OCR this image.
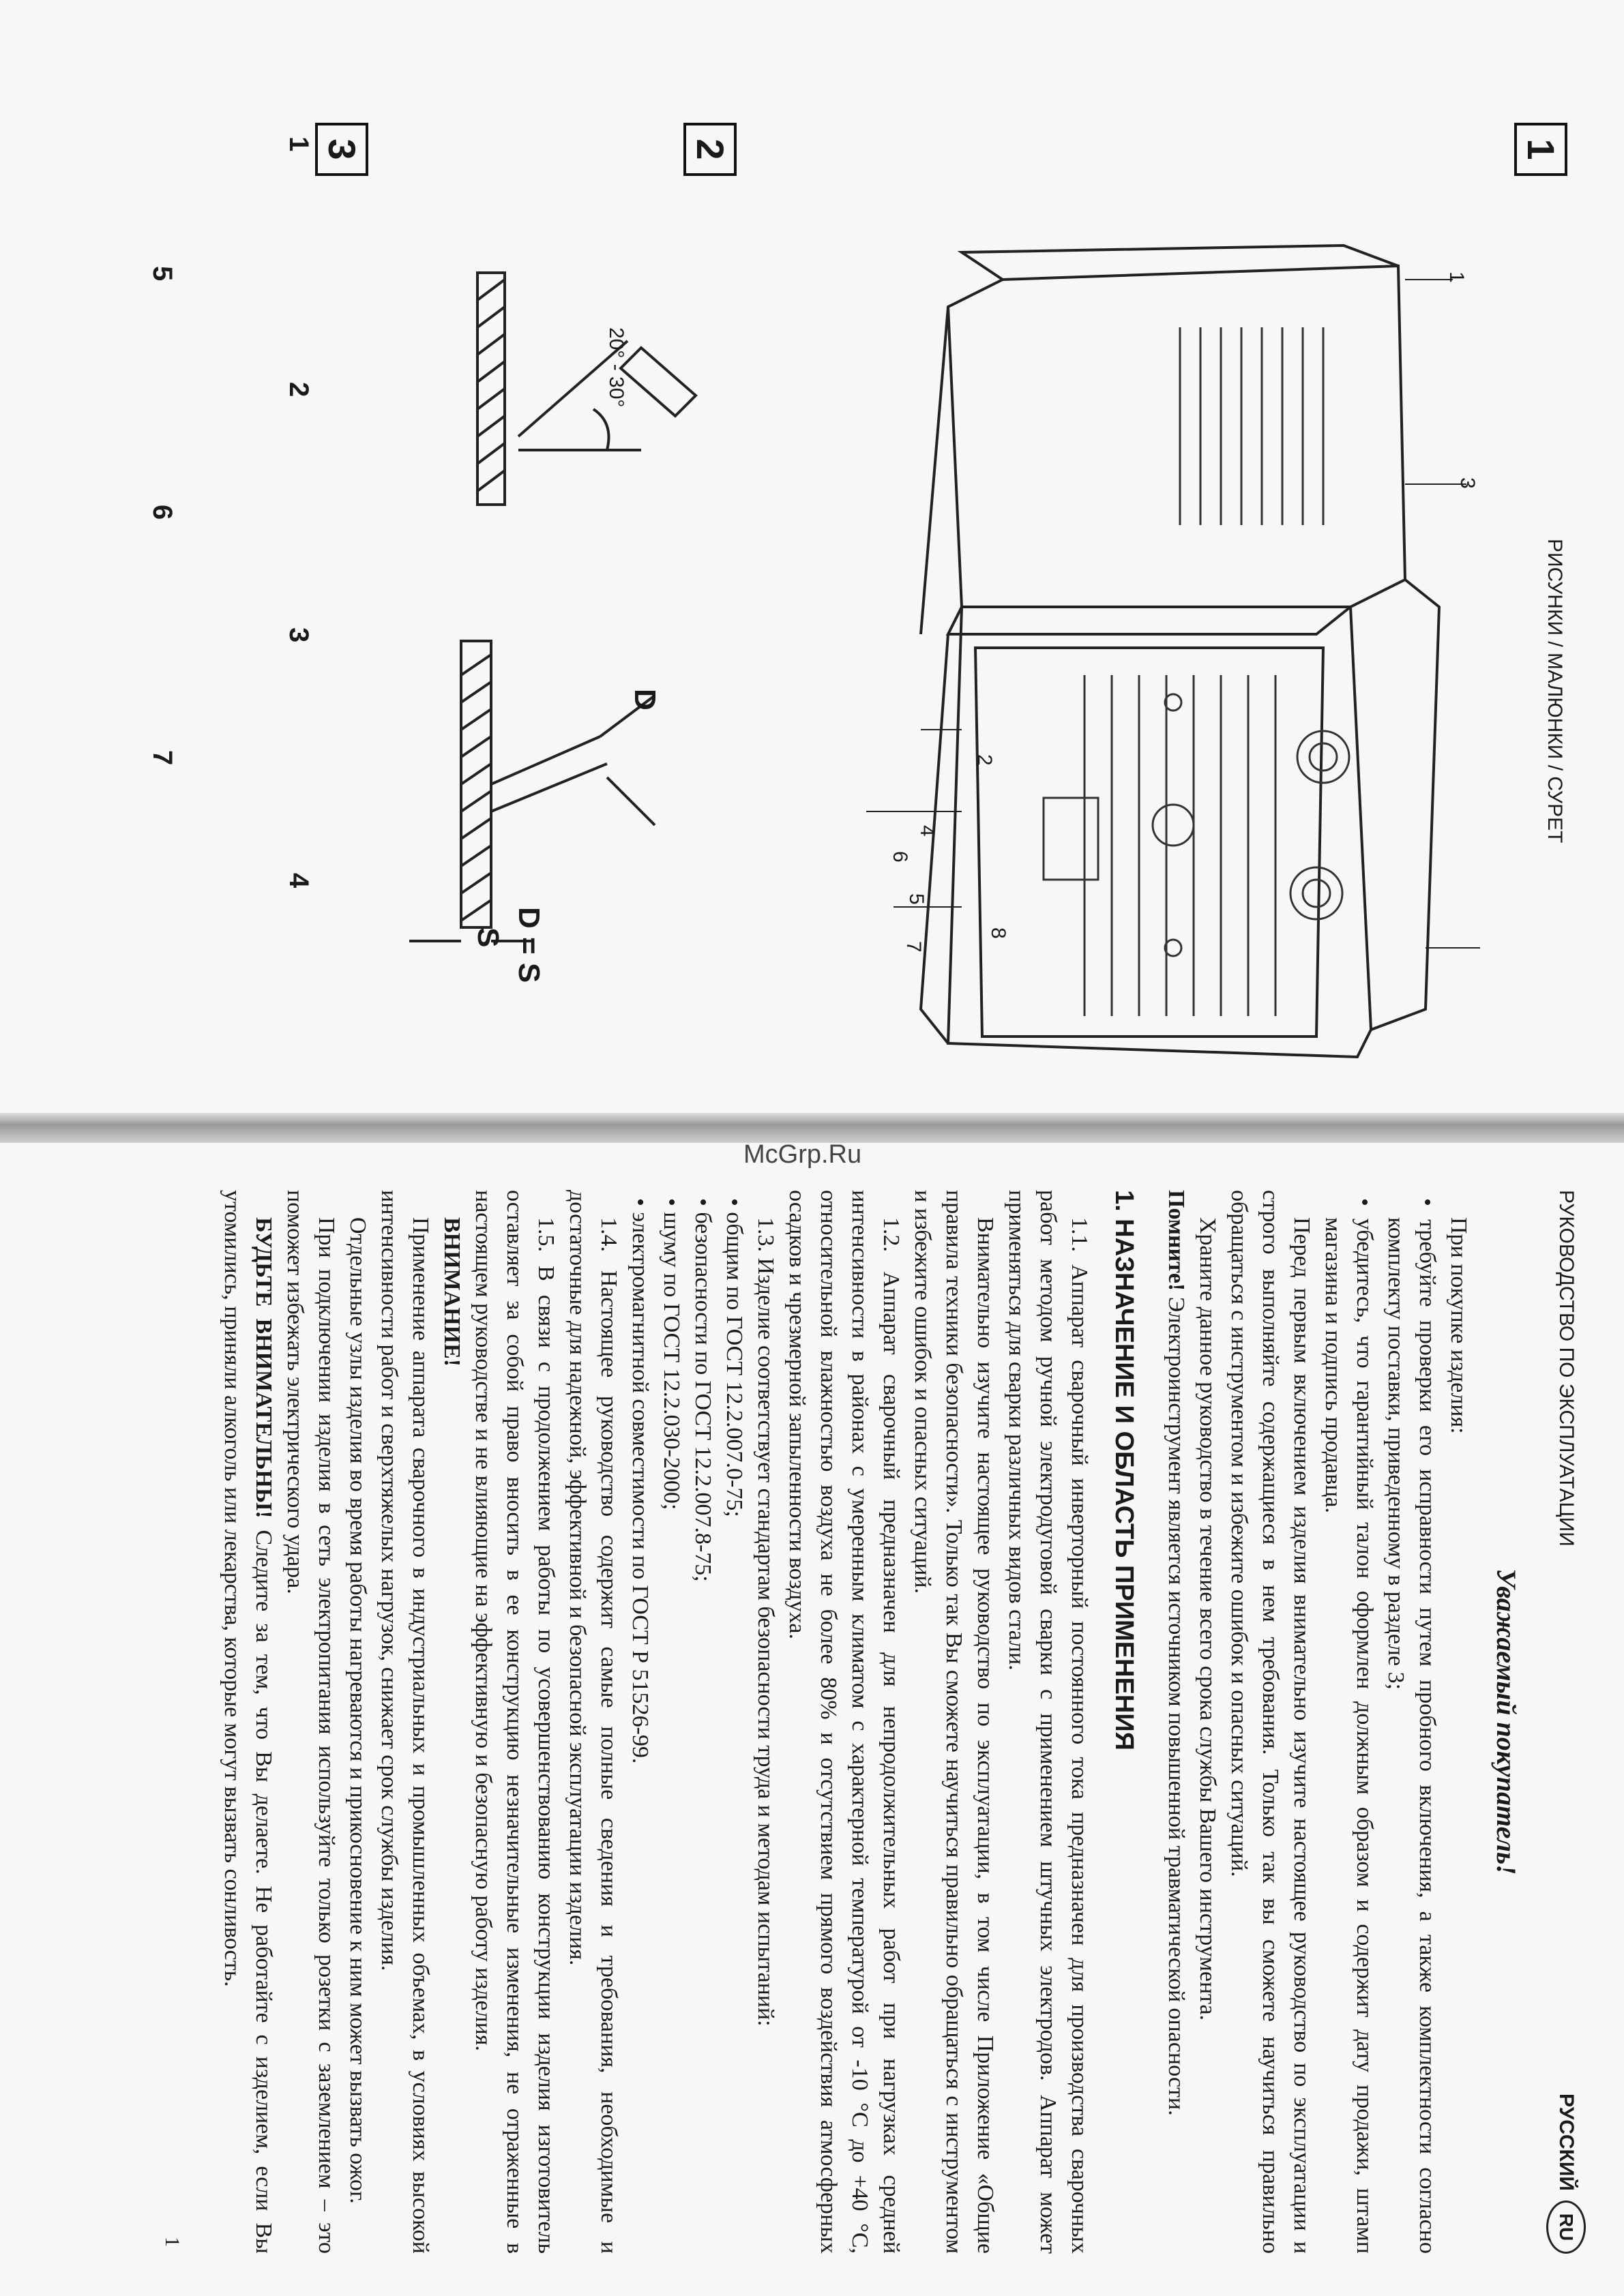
McGrp.Ru
РИСУНКИ / МАЛЮНКИ / СУРЕТ
1
1
2
3
4
5
6
7
8
2
20° - 30°
D
D = S
S
3
1
2
3
4
5
6
7
РУКОВОДСТВО ПО ЭКСПЛУАТАЦИИ
РУССКИЙRU
Уважаемый покупатель!

При покупке изделия:

• требуйте проверки его исправности путем пробного включения, а также комплектности согласно комплекту поставки, приведенному в разделе 3;

• убедитесь, что гарантийный талон оформлен должным образом и содержит дату продажи, штамп магазина и подпись продавца.

Перед первым включением изделия внимательно изучите настоящее руководство по эксплуатации и строго выполняйте содержащиеся в нем требования. Только так вы сможете научиться правильно обращаться с инструментом и избежите ошибок и опасных ситуаций.

Храните данное руководство в течение всего срока службы Вашего инструмента.

Помните! Электроинструмент является источником повышенной травматической опасности.

1. НАЗНАЧЕНИЕ И ОБЛАСТЬ ПРИМЕНЕНИЯ

1.1. Аппарат сварочный инверторный постоянного тока предназначен для производства сварочных работ методом ручной электродуговой сварки с применением штучных электродов. Аппарат может применяться для сварки различных видов стали.

Внимательно изучите настоящее руководство по эксплуатации, в том числе Приложение «Общие правила техники безопасности». Только так Вы сможете научиться правильно обращаться с инструментом и избежите ошибок и опасных ситуаций.

1.2. Аппарат сварочный предназначен для непродолжительных работ при нагрузках средней интенсивности в районах с умеренным климатом с характерной температурой от -10 °С до +40 °С, относительной влажностью воздуха не более 80% и отсутствием прямого воздействия атмосферных осадков и чрезмерной запыленности воздуха.

1.3. Изделие соответствует стандартам безопасности труда и методам испытаний:

• общим по ГОСТ 12.2.007.0-75;

• безопасности по ГОСТ 12.2.007.8-75;

• шуму по ГОСТ 12.2.030-2000;

• электромагнитной совместимости по ГОСТ Р 51526-99.

1.4. Настоящее руководство содержит самые полные сведения и требования, необходимые и достаточные для надежной, эффективной и безопасной эксплуатации изделия.

1.5. В связи с продолжением работы по усовершенствованию конструкции изделия изготовитель оставляет за собой право вносить в ее конструкцию незначительные изменения, не отраженные в настоящем руководстве и не влияющие на эффективную и безопасную работу изделия.

ВНИМАНИЕ!

Применение аппарата сварочного в индустриальных и промышленных объемах, в условиях высокой интенсивности работ и сверхтяжелых нагрузок, снижает срок службы изделия.

Отдельные узлы изделия во время работы нагреваются и прикосновение к ним может вызвать ожог.

При подключении изделия в сеть электропитания используйте только розетки с заземлением – это поможет избежать электрического удара.

БУДЬТЕ ВНИМАТЕЛЬНЫ! Следите за тем, что Вы делаете. Не работайте с изделием, если Вы утомились, приняли алкоголь или лекарства, которые могут вызвать сонливость.

1
